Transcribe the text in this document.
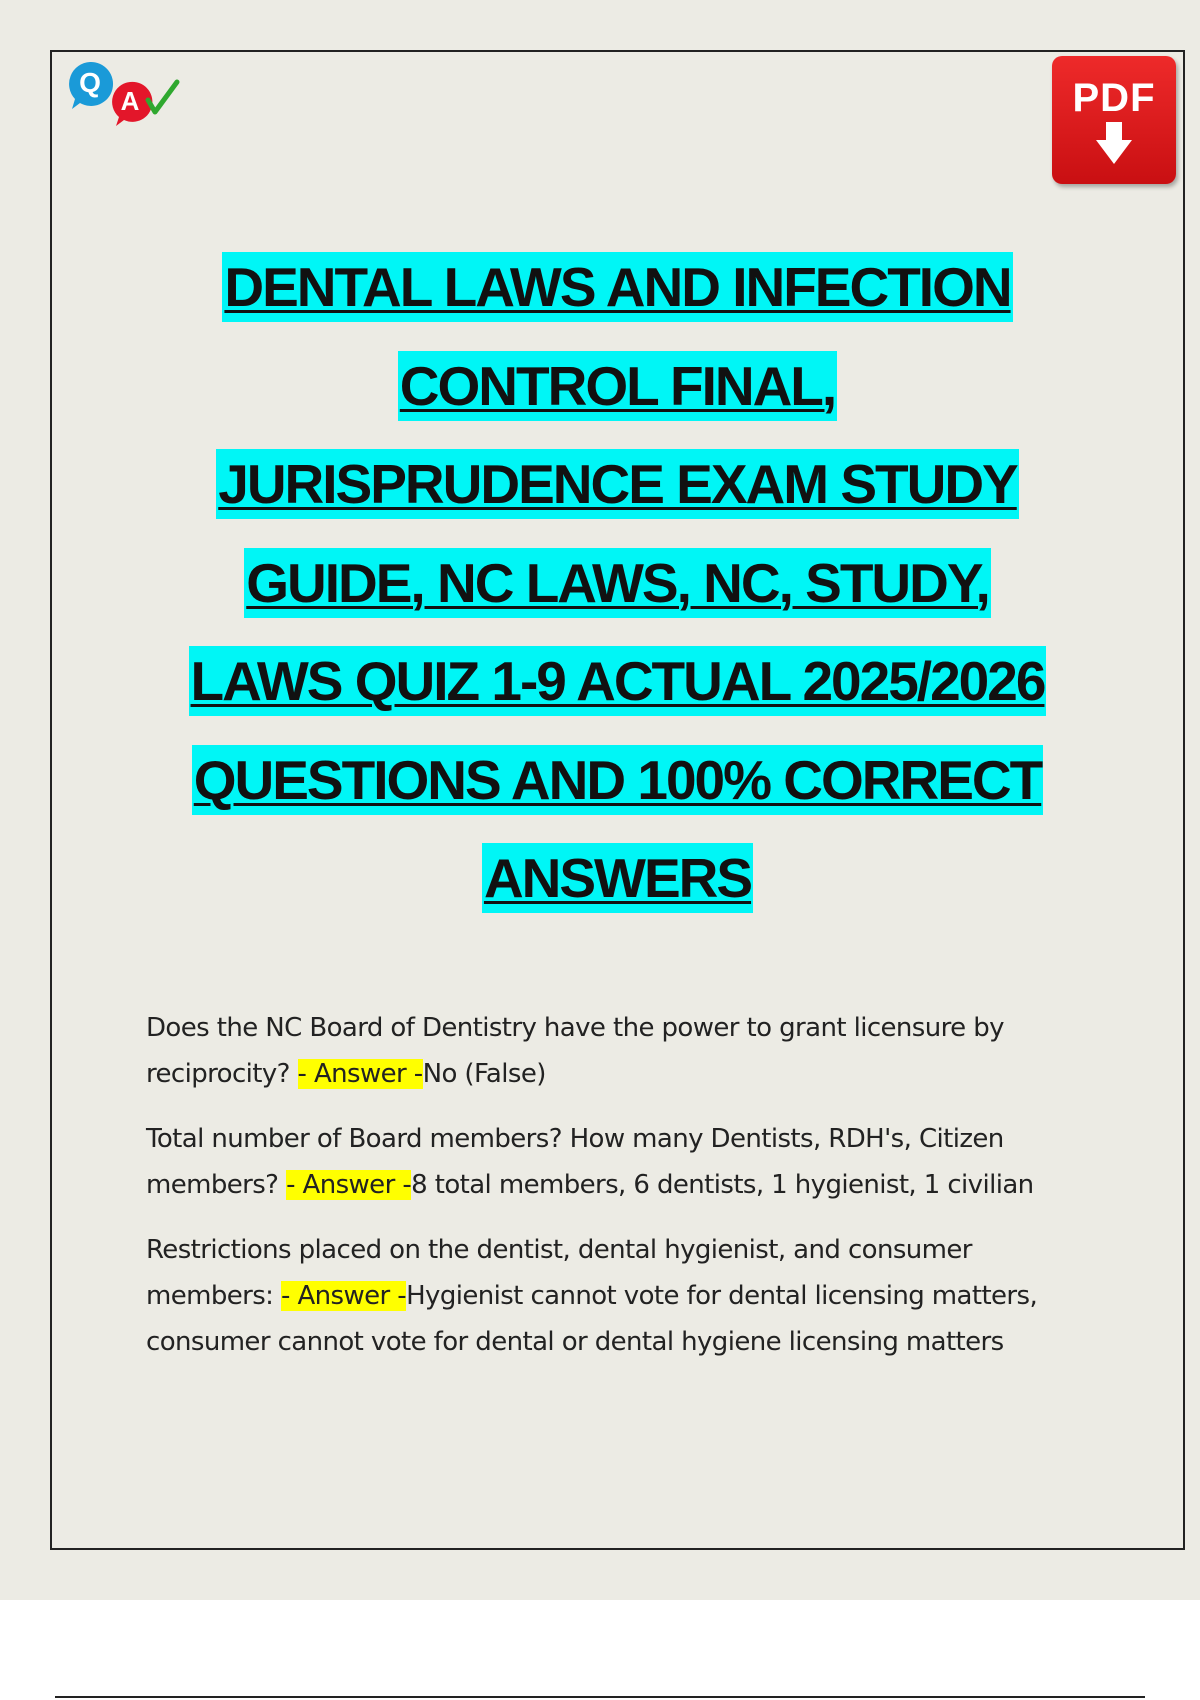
Q
A	PDF
DENTAL LAWS AND INFECTION
CONTROL FINAL,
JURISPRUDENCE EXAM STUDY
GUIDE, NC LAWS, NC, STUDY,
LAWS QUIZ 1-9 ACTUAL 2025/2026
QUESTIONS AND 100% CORRECT
ANSWERS

Does the NC Board of Dentistry have the power to grant licensure by reciprocity? - Answer -No (False)

Total number of Board members? How many Dentists, RDH's, Citizen members? - Answer -8 total members, 6 dentists, 1 hygienist, 1 civilian

Restrictions placed on the dentist, dental hygienist, and consumer members: - Answer -Hygienist cannot vote for dental licensing matters, consumer cannot vote for dental or dental hygiene licensing matters
